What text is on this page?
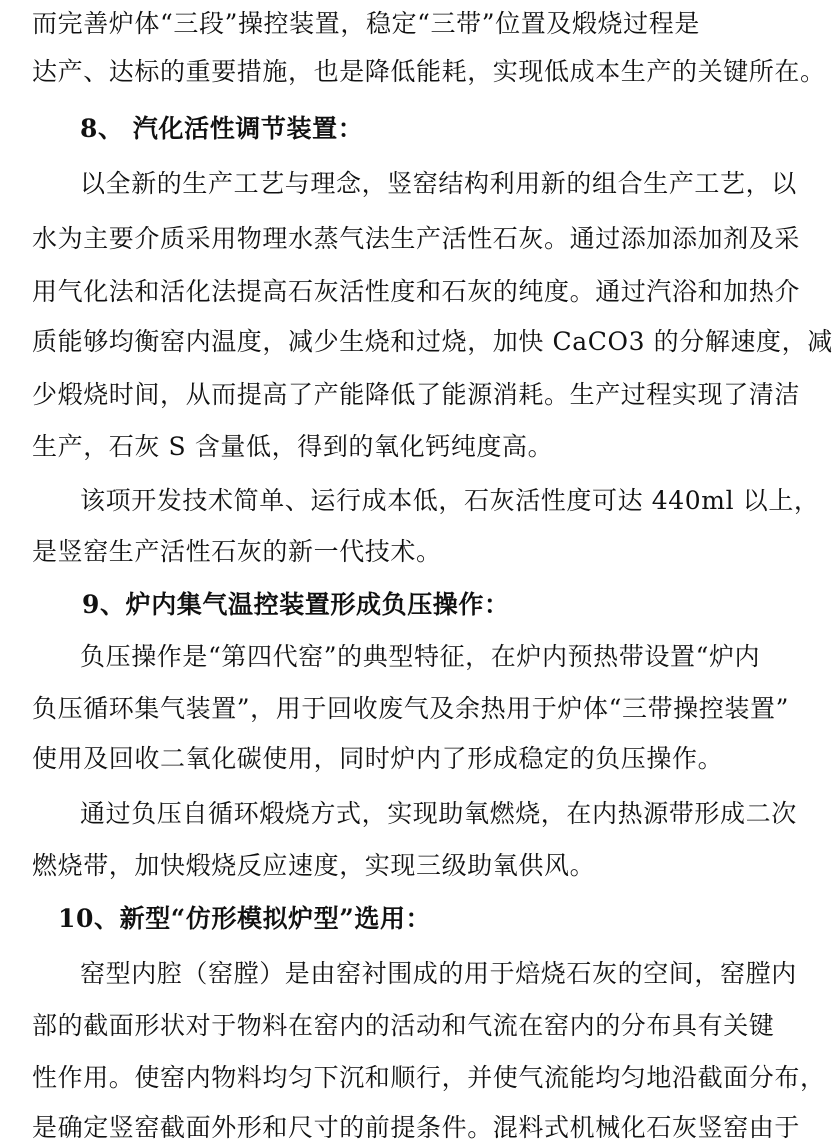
而完善炉体“三段”操控装置，稳定“三带”位置及煅烧过程是
达产、达标的重要措施，也是降低能耗，实现低成本生产的关键所在。
8、 汽化活性调节装置：
以全新的生产工艺与理念，竖窑结构利用新的组合生产工艺，以
水为主要介质采用物理水蒸气法生产活性石灰。通过添加添加剂及采
用气化法和活化法提高石灰活性度和石灰的纯度。通过汽浴和加热介
质能够均衡窑内温度，减少生烧和过烧，加快 CaCO3 的分解速度，减
少煅烧时间，从而提高了产能降低了能源消耗。生产过程实现了清洁
生产，石灰 S 含量低，得到的氧化钙纯度高。
该项开发技术简单、运行成本低，石灰活性度可达 440ml 以上，
是竖窑生产活性石灰的新一代技术。
9、炉内集气温控装置形成负压操作：
负压操作是“第四代窑”的典型特征，在炉内预热带设置“炉内
负压循环集气装置”，用于回收废气及余热用于炉体“三带操控装置”
使用及回收二氧化碳使用，同时炉内了形成稳定的负压操作。
通过负压自循环煅烧方式，实现助氧燃烧，在内热源带形成二次
燃烧带，加快煅烧反应速度，实现三级助氧供风。
10、新型“仿形模拟炉型”选用：
窑型内腔（窑膛）是由窑衬围成的用于焙烧石灰的空间，窑膛内
部的截面形状对于物料在窑内的活动和气流在窑内的分布具有关键
性作用。使窑内物料均匀下沉和顺行，并使气流能均匀地沿截面分布，
是确定竖窑截面外形和尺寸的前提条件。混料式机械化石灰竖窑由于
